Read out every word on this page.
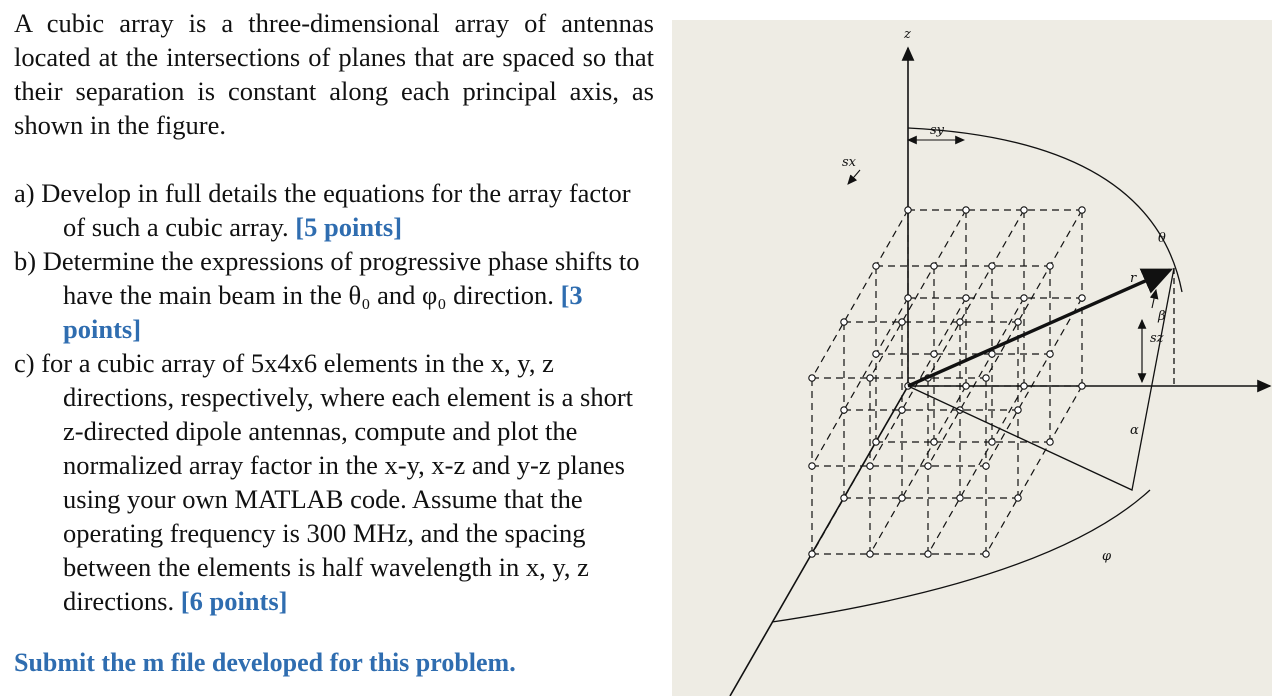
A cubic array is a three-dimensional array of antennas located at the intersections of planes that are spaced so that their separation is constant along each principal axis, as shown in the figure.

a) Develop in full details the equations for the array factor of such a cubic array. [5 points]

b) Determine the expressions of progressive phase shifts to have the main beam in the θ₀ and φ₀ direction. [3 points]

c) for a cubic array of 5x4x6 elements in the x, y, z directions, respectively, where each element is a short z-directed dipole antennas, compute and plot the normalized array factor in the x-y, x-z and y-z planes using your own MATLAB code. Assume that the operating frequency is 300 MHz, and the spacing between the elements is half wavelength in x, y, z directions. [6 points]

Submit the m file developed for this problem.

z
sy
sx
sz
θ
β
r
α
φ
